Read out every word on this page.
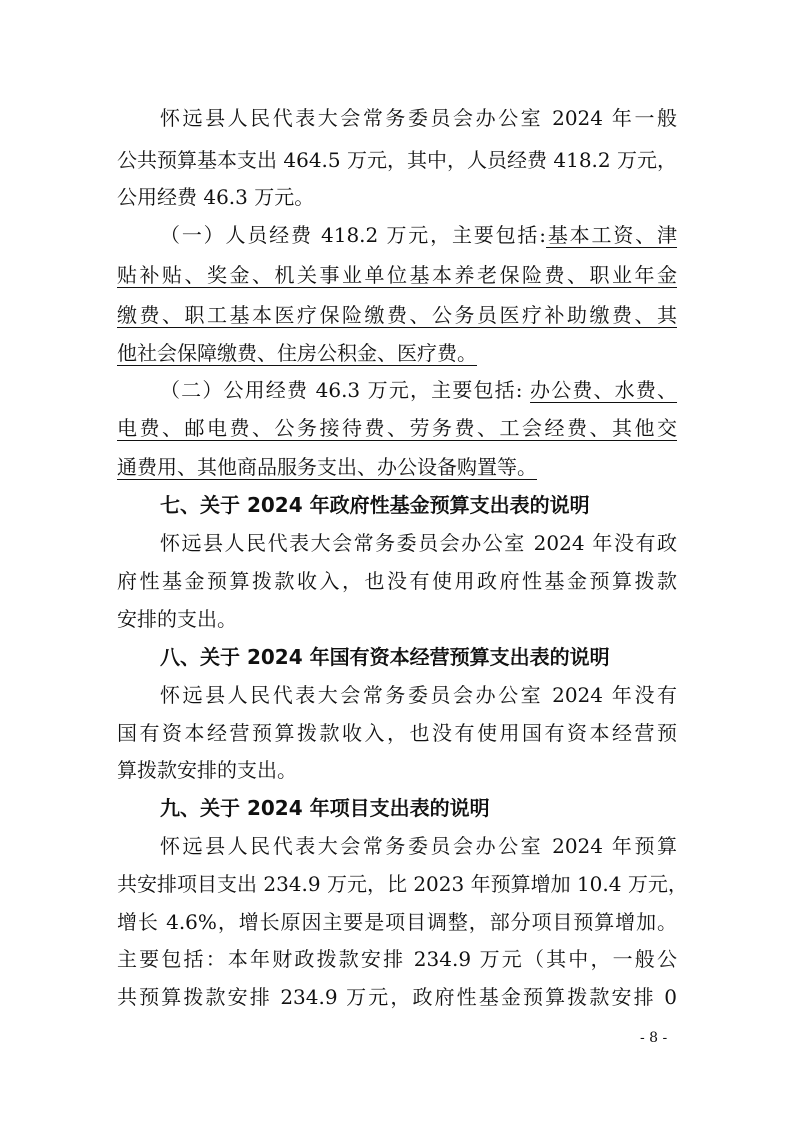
怀远县人民代表大会常务委员会办公室 2024 年一般
公共预算基本支出 464.5 万元，其中，人员经费 418.2 万元，
公用经费 46.3 万元。
（一）人员经费 418.2 万元，主要包括:基本工资、津
贴补贴、奖金、机关事业单位基本养老保险费、职业年金
缴费、职工基本医疗保险缴费、公务员医疗补助缴费、其
他社会保障缴费、住房公积金、医疗费。
（二）公用经费 46.3 万元，主要包括: 办公费、水费、
电费、邮电费、公务接待费、劳务费、工会经费、其他交
通费用、其他商品服务支出、办公设备购置等。
七、关于 2024 年政府性基金预算支出表的说明
怀远县人民代表大会常务委员会办公室 2024 年没有政
府性基金预算拨款收入，也没有使用政府性基金预算拨款
安排的支出。
八、关于 2024 年国有资本经营预算支出表的说明
怀远县人民代表大会常务委员会办公室 2024 年没有
国有资本经营预算拨款收入，也没有使用国有资本经营预
算拨款安排的支出。
九、关于 2024 年项目支出表的说明
怀远县人民代表大会常务委员会办公室 2024 年预算
共安排项目支出 234.9 万元，比 2023 年预算增加 10.4 万元，
增长 4.6%，增长原因主要是项目调整，部分项目预算增加。
主要包括：本年财政拨款安排 234.9 万元（其中，一般公
共预算拨款安排 234.9 万元，政府性基金预算拨款安排 0
- 8 -
